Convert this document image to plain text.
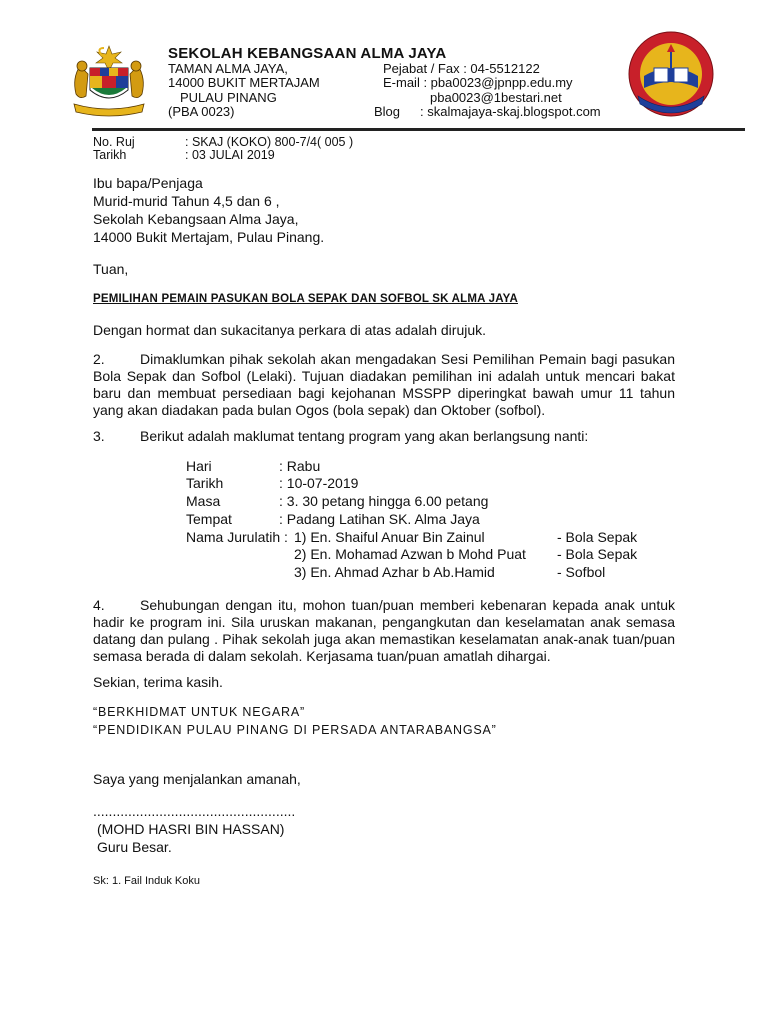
SEKOLAH KEBANGSAAN ALMA JAYA
TAMAN ALMA JAYA,
14000 BUKIT MERTAJAM
PULAU PINANG
(PBA 0023)
Pejabat / Fax : 04-5512122
E-mail : pba0023@jpnpp.edu.my
pba0023@1bestari.net
Blog : skalmajaya-skaj.blogspot.com
No. Ruj	: SKAJ (KOKO) 800-7/4( 005 )
Tarikh	: 03 JULAI 2019
Ibu bapa/Penjaga
Murid-murid Tahun 4,5 dan 6 ,
Sekolah Kebangsaan Alma Jaya,
14000 Bukit Mertajam, Pulau Pinang.
Tuan,
PEMILIHAN PEMAIN PASUKAN BOLA SEPAK DAN SOFBOL SK ALMA JAYA
Dengan hormat dan sukacitanya perkara di atas adalah dirujuk.
2.	Dimaklumkan pihak sekolah akan mengadakan Sesi Pemilihan Pemain bagi pasukan Bola Sepak dan Sofbol (Lelaki). Tujuan diadakan pemilihan ini adalah untuk mencari bakat baru dan membuat persediaan bagi kejohanan MSSPP diperingkat bawah umur 11 tahun yang akan diadakan pada bulan Ogos (bola sepak) dan Oktober (sofbol).
3.	Berikut adalah maklumat tentang program yang akan berlangsung nanti:
Hari	: Rabu
Tarikh	: 10-07-2019
Masa	: 3. 30 petang hingga 6.00 petang
Tempat	: Padang Latihan SK. Alma Jaya
Nama Jurulatih : 1) En. Shaiful Anuar Bin Zainul	- Bola Sepak
2) En. Mohamad Azwan b Mohd Puat - Bola Sepak
3) En. Ahmad Azhar b Ab.Hamid	- Sofbol
4.	Sehubungan dengan itu, mohon tuan/puan memberi kebenaran kepada anak untuk hadir ke program ini. Sila uruskan makanan, pengangkutan dan keselamatan anak semasa datang dan pulang . Pihak sekolah juga akan memastikan keselamatan anak-anak tuan/puan semasa berada di dalam sekolah. Kerjasama tuan/puan amatlah dihargai.
Sekian, terima kasih.
“BERKHIDMAT UNTUK NEGARA”
“PENDIDIKAN PULAU PINANG DI PERSADA ANTARABANGSA”
Saya yang menjalankan amanah,
....................................................
(MOHD HASRI BIN HASSAN)
Guru Besar.
Sk: 1. Fail Induk Koku
